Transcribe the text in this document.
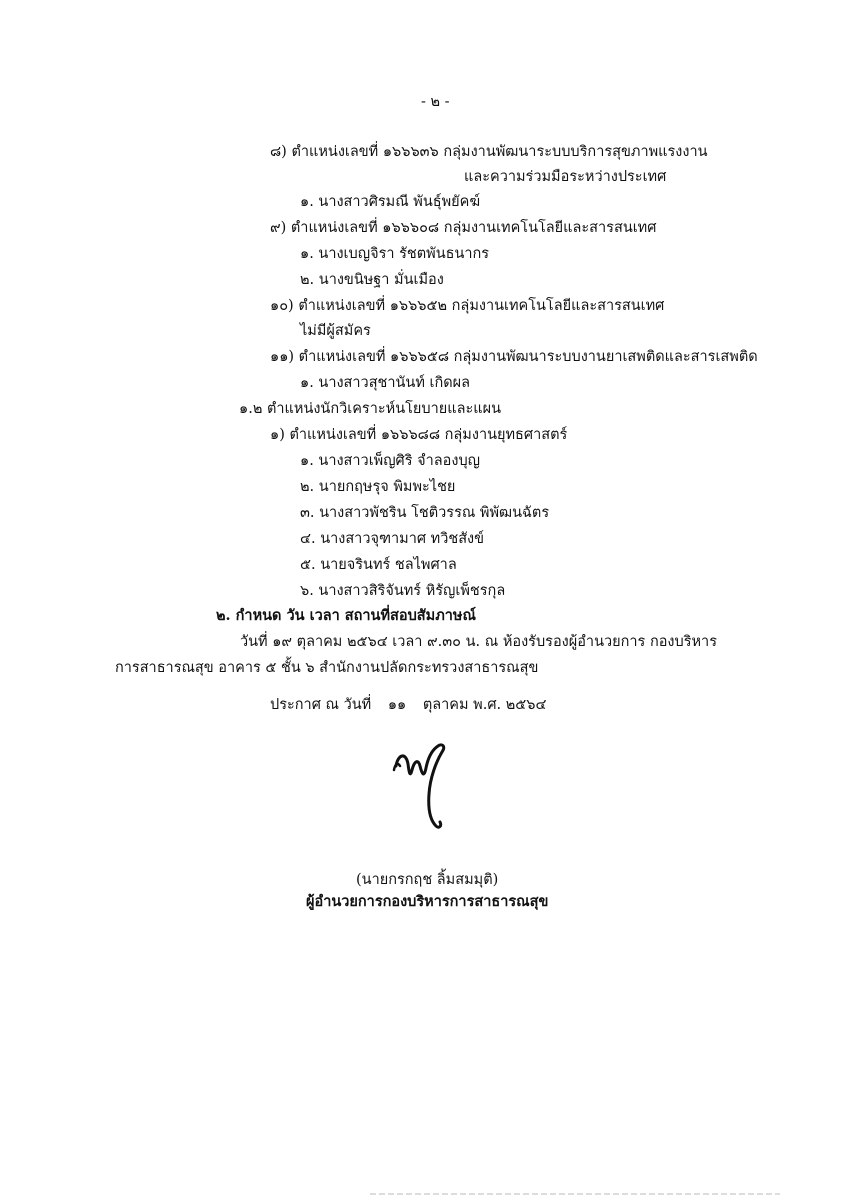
- ๒ -
๘) ตำแหน่งเลขที่ ๑๖๖๖๓๖ กลุ่มงานพัฒนาระบบบริการสุขภาพแรงงาน
และความร่วมมือระหว่างประเทศ
๑. นางสาวศิรมณี พันธุ์พยัคฆ์
๙) ตำแหน่งเลขที่ ๑๖๖๖๐๘ กลุ่มงานเทคโนโลยีและสารสนเทศ
๑. นางเบญจิรา รัชตพันธนากร
๒. นางขนิษฐา มั่นเมือง
๑๐) ตำแหน่งเลขที่ ๑๖๖๖๕๒ กลุ่มงานเทคโนโลยีและสารสนเทศ
ไม่มีผู้สมัคร
๑๑) ตำแหน่งเลขที่ ๑๖๖๖๕๘ กลุ่มงานพัฒนาระบบงานยาเสพติดและสารเสพติด
๑. นางสาวสุชานันท์ เกิดผล
๑.๒ ตำแหน่งนักวิเคราะห์นโยบายและแผน
๑) ตำแหน่งเลขที่ ๑๖๖๖๘๘ กลุ่มงานยุทธศาสตร์
๑. นางสาวเพ็ญศิริ จำลองบุญ
๒. นายกฤษรุจ พิมพะไชย
๓. นางสาวพัชริน โชติวรรณ พิพัฒนฉัตร
๔. นางสาวจุฑามาศ ทวิชสังข์
๕. นายจรินทร์ ชลไพศาล
๖. นางสาวสิริจันทร์ หิรัญเพ็ชรกุล
๒. กำหนด วัน เวลา สถานที่สอบสัมภาษณ์
วันที่ ๑๙ ตุลาคม ๒๕๖๔ เวลา ๙.๓๐ น. ณ ห้องรับรองผู้อำนวยการ กองบริหาร
การสาธารณสุข อาคาร ๕ ชั้น ๖ สำนักงานปลัดกระทรวงสาธารณสุข
ประกาศ ณ วันที่ ๑๑ ตุลาคม พ.ศ. ๒๕๖๔
(นายกรกฤช ลิ้มสมมุติ)
ผู้อำนวยการกองบริหารการสาธารณสุข
